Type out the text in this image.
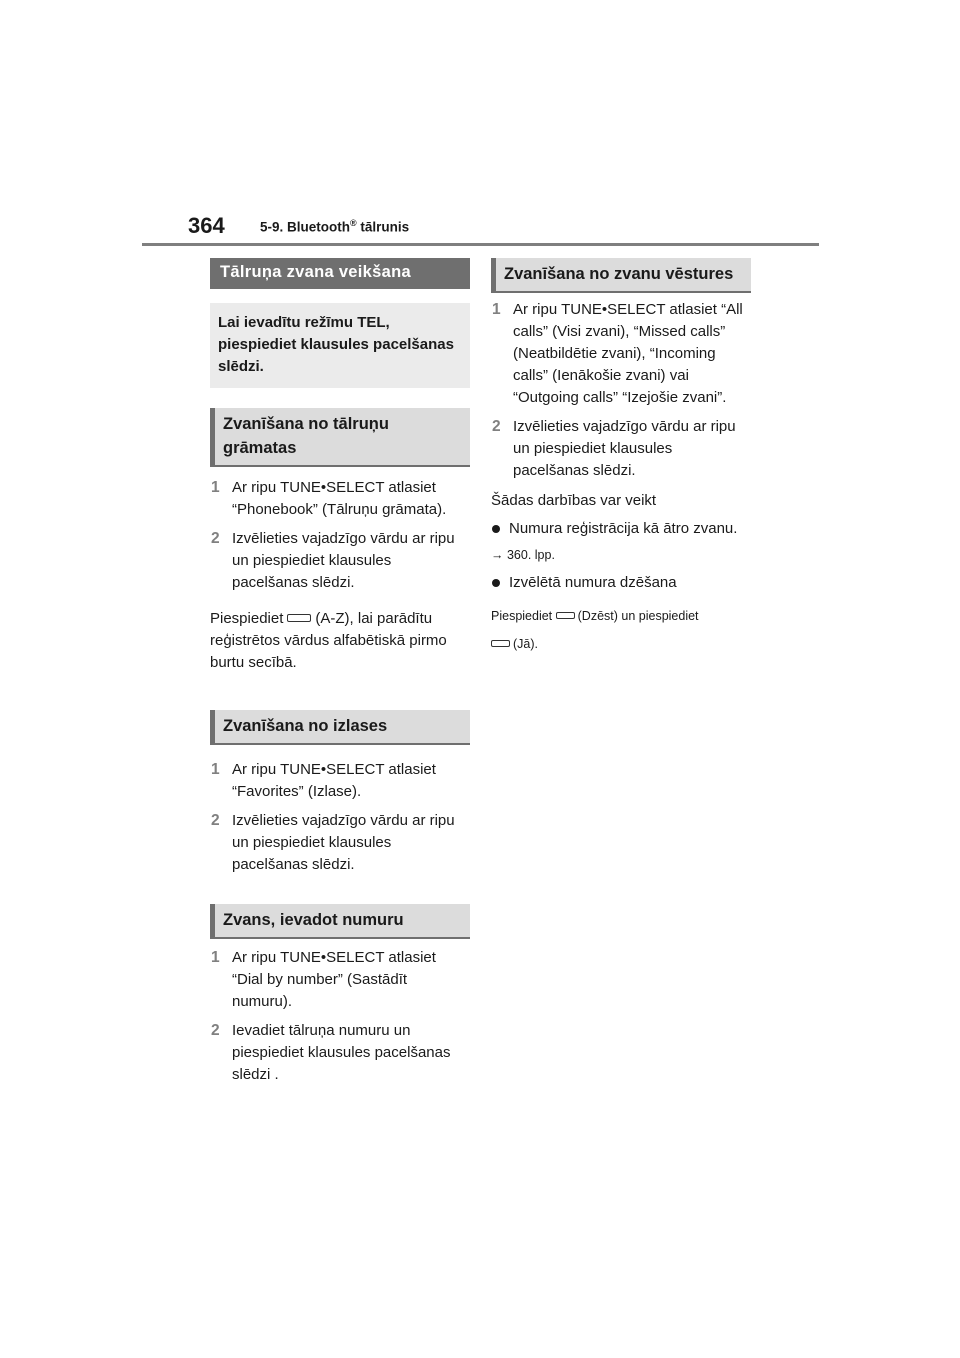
364	5-9. Bluetooth® tālrunis
Tālruņa zvana veikšana
Lai ievadītu režīmu TEL, piespiediet klausules pacelšanas slēdzi.
Zvanīšana no tālruņu grāmatas
1 Ar ripu TUNE•SELECT atlasiet “Phonebook” (Tālruņu grāmata).
2 Izvēlieties vajadzīgo vārdu ar ripu un piespiediet klausules pacelšanas slēdzi.
Piespiediet (A-Z), lai parādītu reģistrētos vārdus alfabētiskā pirmo burtu secībā.
Zvanīšana no izlases
1 Ar ripu TUNE•SELECT atlasiet “Favorites” (Izlase).
2 Izvēlieties vajadzīgo vārdu ar ripu un piespiediet klausules pacelšanas slēdzi.
Zvans, ievadot numuru
1 Ar ripu TUNE•SELECT atlasiet “Dial by number” (Sastādīt numuru).
2 Ievadiet tālruņa numuru un piespiediet klausules pacelšanas slēdzi .
Zvanīšana no zvanu vēstures
1 Ar ripu TUNE•SELECT atlasiet “All calls” (Visi zvani), “Missed calls” (Neatbildētie zvani), “Incoming calls” (Ienākošie zvani) vai “Outgoing calls” “Izejošie zvani”.
2 Izvēlieties vajadzīgo vārdu ar ripu un piespiediet klausules pacelšanas slēdzi.
Šādas darbības var veikt
Numura reģistrācija kā ātro zvanu.
→ 360. lpp.
Izvēlētā numura dzēšana
Piespiediet (Dzēst) un piespiediet
(Jā).
